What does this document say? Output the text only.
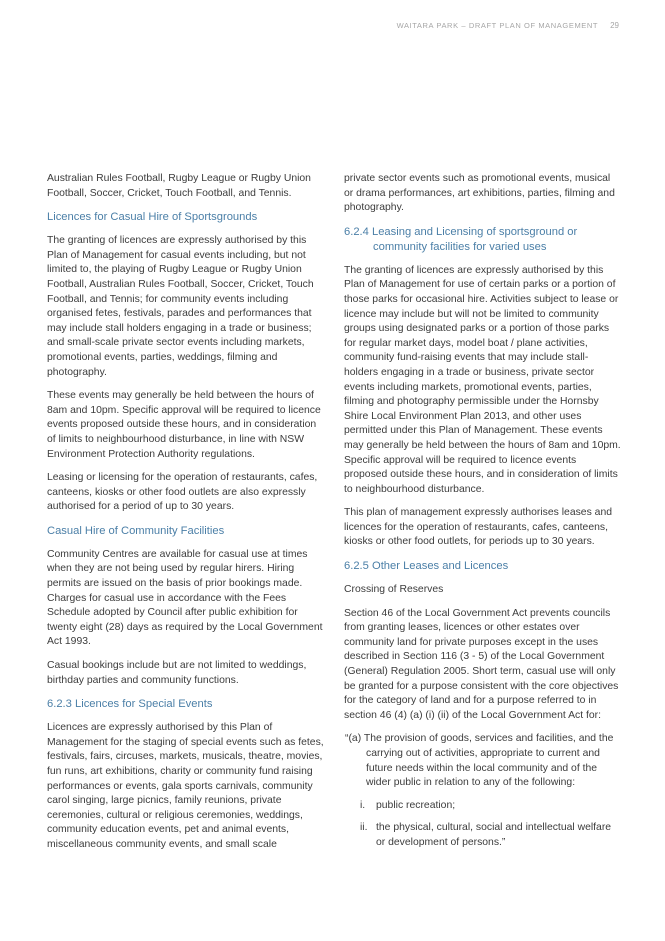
WAITARA PARK – DRAFT PLAN OF MANAGEMENT 29

Australian Rules Football, Rugby League or Rugby Union Football, Soccer, Cricket, Touch Football, and Tennis.

Licences for Casual Hire of Sportsgrounds

The granting of licences are expressly authorised by this Plan of Management for casual events including, but not limited to, the playing of Rugby League or Rugby Union Football, Australian Rules Football, Soccer, Cricket, Touch Football, and Tennis; for community events including organised fetes, festivals, parades and performances that may include stall holders engaging in a trade or business; and small-scale private sector events including markets, promotional events, parties, weddings, filming and photography.

These events may generally be held between the hours of 8am and 10pm. Specific approval will be required to licence events proposed outside these hours, and in consideration of limits to neighbourhood disturbance, in line with NSW Environment Protection Authority regulations.

Leasing or licensing for the operation of restaurants, cafes, canteens, kiosks or other food outlets are also expressly authorised for a period of up to 30 years.

Casual Hire of Community Facilities

Community Centres are available for casual use at times when they are not being used by regular hirers. Hiring permits are issued on the basis of prior bookings made. Charges for casual use in accordance with the Fees Schedule adopted by Council after public exhibition for twenty eight (28) days as required by the Local Government Act 1993.

Casual bookings include but are not limited to weddings, birthday parties and community functions.

6.2.3 Licences for Special Events

Licences are expressly authorised by this Plan of Management for the staging of special events such as fetes, festivals, fairs, circuses, markets, musicals, theatre, movies, fun runs, art exhibitions, charity or community fund raising performances or events, gala sports carnivals, community carol singing, large picnics, family reunions, private ceremonies, cultural or religious ceremonies, weddings, community education events, pet and animal events, miscellaneous community events, and small scale

private sector events such as promotional events, musical or drama performances, art exhibitions, parties, filming and photography.

6.2.4 Leasing and Licensing of sportsground or community facilities for varied uses

The granting of licences are expressly authorised by this Plan of Management for use of certain parks or a portion of those parks for occasional hire. Activities subject to lease or licence may include but will not be limited to community groups using designated parks or a portion of those parks for regular market days, model boat / plane activities, community fund-raising events that may include stall-holders engaging in a trade or business, private sector events including markets, promotional events, parties, filming and photography permissible under the Hornsby Shire Local Environment Plan 2013, and other uses permitted under this Plan of Management. These events may generally be held between the hours of 8am and 10pm. Specific approval will be required to licence events proposed outside these hours, and in consideration of limits to neighbourhood disturbance.

This plan of management expressly authorises leases and licences for the operation of restaurants, cafes, canteens, kiosks or other food outlets, for periods up to 30 years.

6.2.5 Other Leases and Licences
Crossing of Reserves

Section 46 of the Local Government Act prevents councils from granting leases, licences or other estates over community land for private purposes except in the uses described in Section 116 (3 - 5) of the Local Government (General) Regulation 2005. Short term, casual use will only be granted for a purpose consistent with the core objectives for the category of land and for a purpose referred to in section 46 (4) (a) (i) (ii) of the Local Government Act for:

“(a) The provision of goods, services and facilities, and the carrying out of activities, appropriate to current and future needs within the local community and of the wider public in relation to any of the following:

i. public recreation;
ii. the physical, cultural, social and intellectual welfare or development of persons.”
